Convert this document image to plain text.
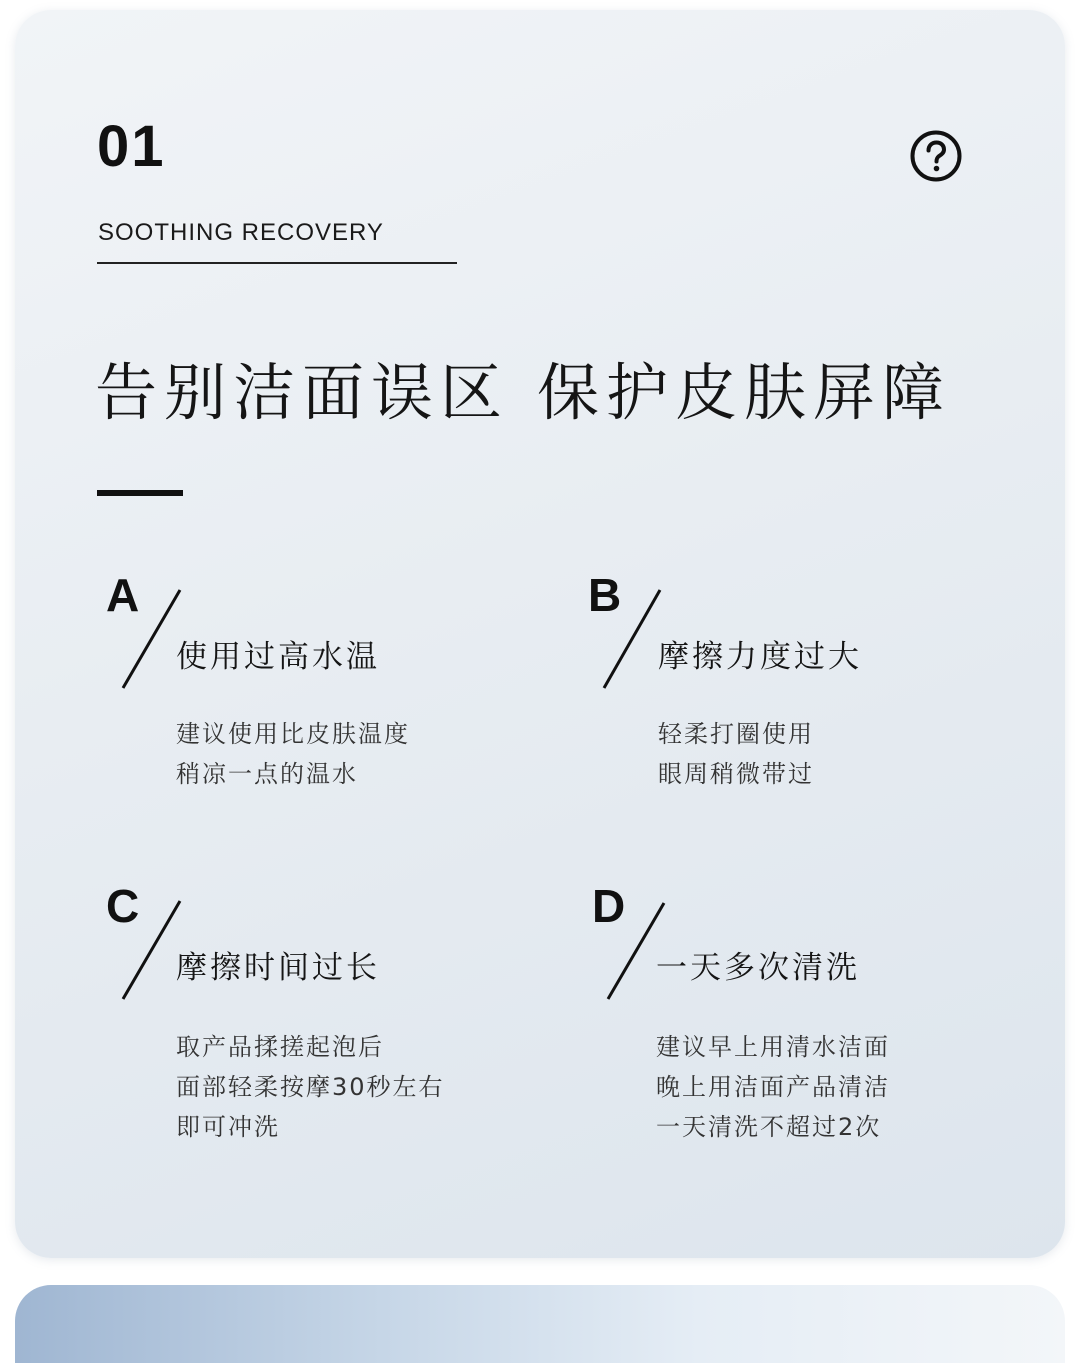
01
SOOTHING RECOVERY
告别洁面误区 保护皮肤屏障
A
使用过高水温
建议使用比皮肤温度
稍凉一点的温水
B
摩擦力度过大
轻柔打圈使用
眼周稍微带过
C
摩擦时间过长
取产品揉搓起泡后
面部轻柔按摩30秒左右
即可冲洗
D
一天多次清洗
建议早上用清水洁面
晚上用洁面产品清洁
一天清洗不超过2次
